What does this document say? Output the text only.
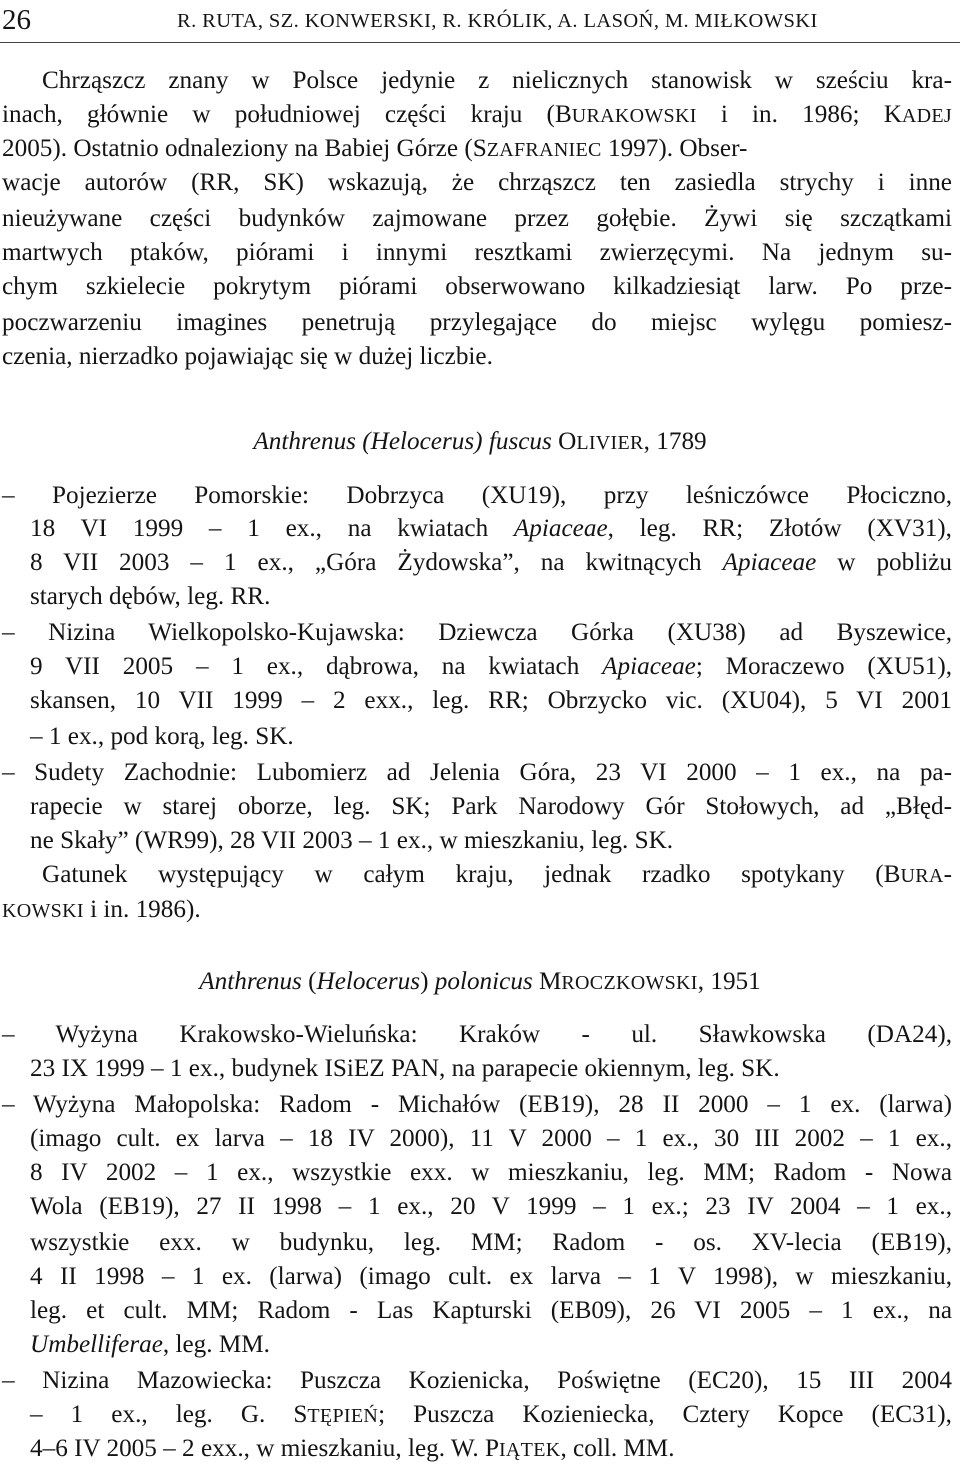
26	R. RUTA, SZ. KONWERSKI, R. KRÓLIK, A. LASOŃ, M. MIŁKOWSKI
Chrząszcz znany w Polsce jedynie z nielicznych stanowisk w sześciu kra-
inach, głównie w południowej części kraju (BURAKOWSKI i in. 1986; KADEJ
2005). Ostatnio odnaleziony na Babiej Górze (SZAFRANIEC 1997). Obser-
wacje autorów (RR, SK) wskazują, że chrząszcz ten zasiedla strychy i inne
nieużywane części budynków zajmowane przez gołębie. Żywi się szczątkami
martwych ptaków, piórami i innymi resztkami zwierzęcymi. Na jednym su-
chym szkielecie pokrytym piórami obserwowano kilkadziesiąt larw. Po prze-
poczwarzeniu imagines penetrują przylegające do miejsc wylęgu pomiesz-
czenia, nierzadko pojawiając się w dużej liczbie.
Anthrenus (Helocerus) fuscus OLIVIER, 1789
– Pojezierze Pomorskie: Dobrzyca (XU19), przy leśniczówce Płociczno,
18 VI 1999 – 1 ex., na kwiatach Apiaceae, leg. RR; Złotów (XV31),
8 VII 2003 – 1 ex., „Góra Żydowska”, na kwitnących Apiaceae w pobliżu
starych dębów, leg. RR.
– Nizina Wielkopolsko-Kujawska: Dziewcza Górka (XU38) ad Byszewice,
9 VII 2005 – 1 ex., dąbrowa, na kwiatach Apiaceae; Moraczewo (XU51),
skansen, 10 VII 1999 – 2 exx., leg. RR; Obrzycko vic. (XU04), 5 VI 2001
– 1 ex., pod korą, leg. SK.
– Sudety Zachodnie: Lubomierz ad Jelenia Góra, 23 VI 2000 – 1 ex., na pa-
rapecie w starej oborze, leg. SK; Park Narodowy Gór Stołowych, ad „Błęd-
ne Skały” (WR99), 28 VII 2003 – 1 ex., w mieszkaniu, leg. SK.
Gatunek występujący w całym kraju, jednak rzadko spotykany (BURA-
KOWSKI i in. 1986).
Anthrenus (Helocerus) polonicus MROCZKOWSKI, 1951
– Wyżyna Krakowsko-Wieluńska: Kraków - ul. Sławkowska (DA24),
23 IX 1999 – 1 ex., budynek ISiEZ PAN, na parapecie okiennym, leg. SK.
– Wyżyna Małopolska: Radom - Michałów (EB19), 28 II 2000 – 1 ex. (larwa)
(imago cult. ex larva – 18 IV 2000), 11 V 2000 – 1 ex., 30 III 2002 – 1 ex.,
8 IV 2002 – 1 ex., wszystkie exx. w mieszkaniu, leg. MM; Radom - Nowa
Wola (EB19), 27 II 1998 – 1 ex., 20 V 1999 – 1 ex.; 23 IV 2004 – 1 ex.,
wszystkie exx. w budynku, leg. MM; Radom - os. XV-lecia (EB19),
4 II 1998 – 1 ex. (larwa) (imago cult. ex larva – 1 V 1998), w mieszkaniu,
leg. et cult. MM; Radom - Las Kapturski (EB09), 26 VI 2005 – 1 ex., na
Umbelliferae, leg. MM.
– Nizina Mazowiecka: Puszcza Kozienicka, Poświętne (EC20), 15 III 2004
– 1 ex., leg. G. STĘPIEŃ; Puszcza Kozieniecka, Cztery Kopce (EC31),
4–6 IV 2005 – 2 exx., w mieszkaniu, leg. W. PIĄTEK, coll. MM.
